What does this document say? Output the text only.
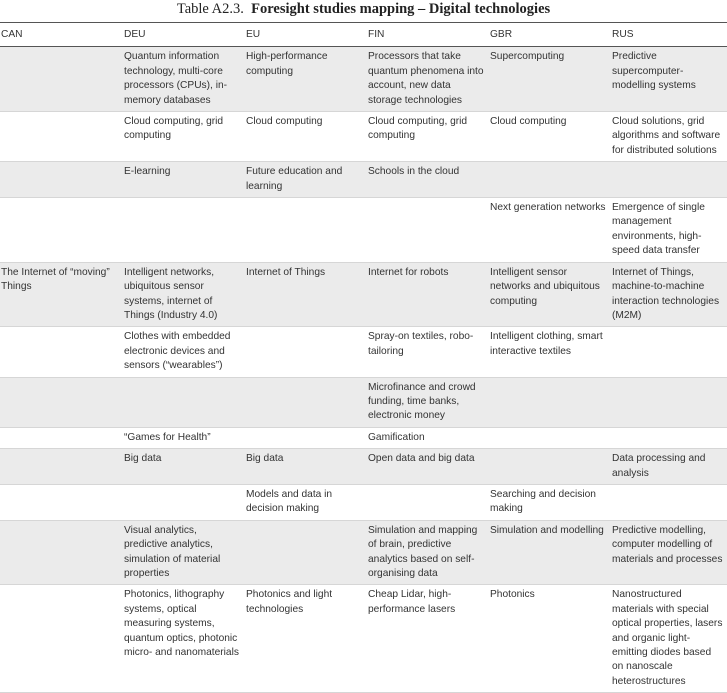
Table A2.3. Foresight studies mapping – Digital technologies
CAN	DEU	EU	FIN	GBR	RUS
	Quantum information technology, multi-core processors (CPUs), in-memory databases	High-performance computing	Processors that take quantum phenomena into account, new data storage technologies	Supercomputing	Predictive supercomputer-modelling systems
	Cloud computing, grid computing	Cloud computing	Cloud computing, grid computing	Cloud computing	Cloud solutions, grid algorithms and software for distributed solutions
	E-learning	Future education and learning	Schools in the cloud		
				Next generation networks	Emergence of single management environments, high-speed data transfer
The Internet of “moving” Things	Intelligent networks, ubiquitous sensor systems, internet of Things (Industry 4.0)	Internet of Things	Internet for robots	Intelligent sensor networks and ubiquitous computing	Internet of Things, machine-to-machine interaction technologies (M2M)
	Clothes with embedded electronic devices and sensors (“wearables”)		Spray-on textiles, robo-tailoring	Intelligent clothing, smart interactive textiles	
			Microfinance and crowd funding, time banks, electronic money		
	“Games for Health”		Gamification		
	Big data	Big data	Open data and big data		Data processing and analysis
		Models and data in decision making		Searching and decision making	
	Visual analytics, predictive analytics, simulation of material properties		Simulation and mapping of brain, predictive analytics based on self-organising data	Simulation and modelling	Predictive modelling, computer modelling of materials and processes
	Photonics, lithography systems, optical measuring systems, quantum optics, photonic micro- and nanomaterials	Photonics and light technologies	Cheap Lidar, high-performance lasers	Photonics	Nanostructured materials with special optical properties, lasers and organic light-emitting diodes based on nanoscale heterostructures
